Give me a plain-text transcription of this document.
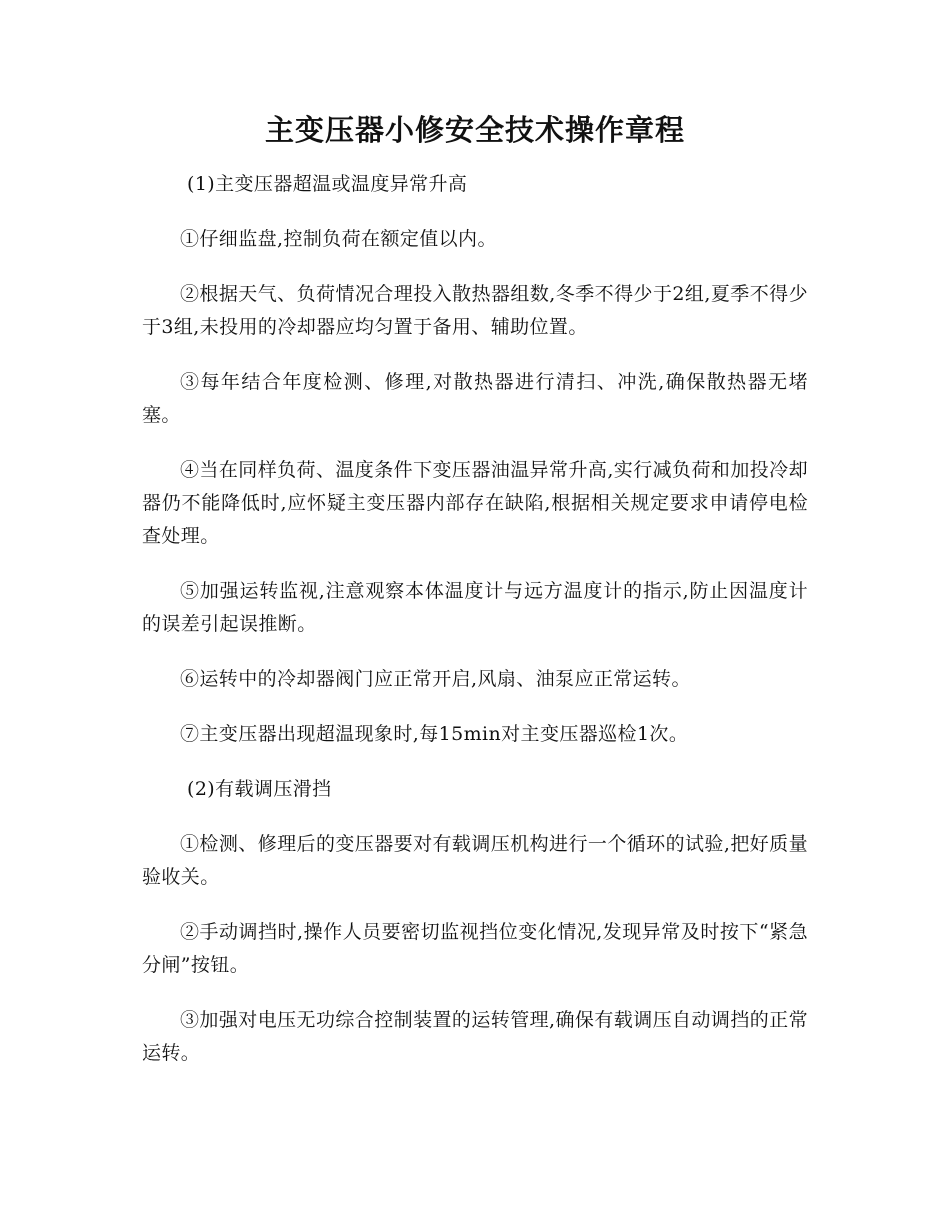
主变压器小修安全技术操作章程

(1)主变压器超温或温度异常升高

①仔细监盘,控制负荷在额定值以内。

②根据天气、负荷情况合理投入散热器组数,冬季不得少于2组,夏季不得少于3组,未投用的冷却器应均匀置于备用、辅助位置。

③每年结合年度检测、修理,对散热器进行清扫、冲洗,确保散热器无堵塞。

④当在同样负荷、温度条件下变压器油温异常升高,实行减负荷和加投冷却器仍不能降低时,应怀疑主变压器内部存在缺陷,根据相关规定要求申请停电检查处理。

⑤加强运转监视,注意观察本体温度计与远方温度计的指示,防止因温度计的误差引起误推断。

⑥运转中的冷却器阀门应正常开启,风扇、油泵应正常运转。

⑦主变压器出现超温现象时,每15min对主变压器巡检1次。

(2)有载调压滑挡

①检测、修理后的变压器要对有载调压机构进行一个循环的试验,把好质量验收关。

②手动调挡时,操作人员要密切监视挡位变化情况,发现异常及时按下“紧急分闸”按钮。

③加强对电压无功综合控制装置的运转管理,确保有载调压自动调挡的正常运转。
